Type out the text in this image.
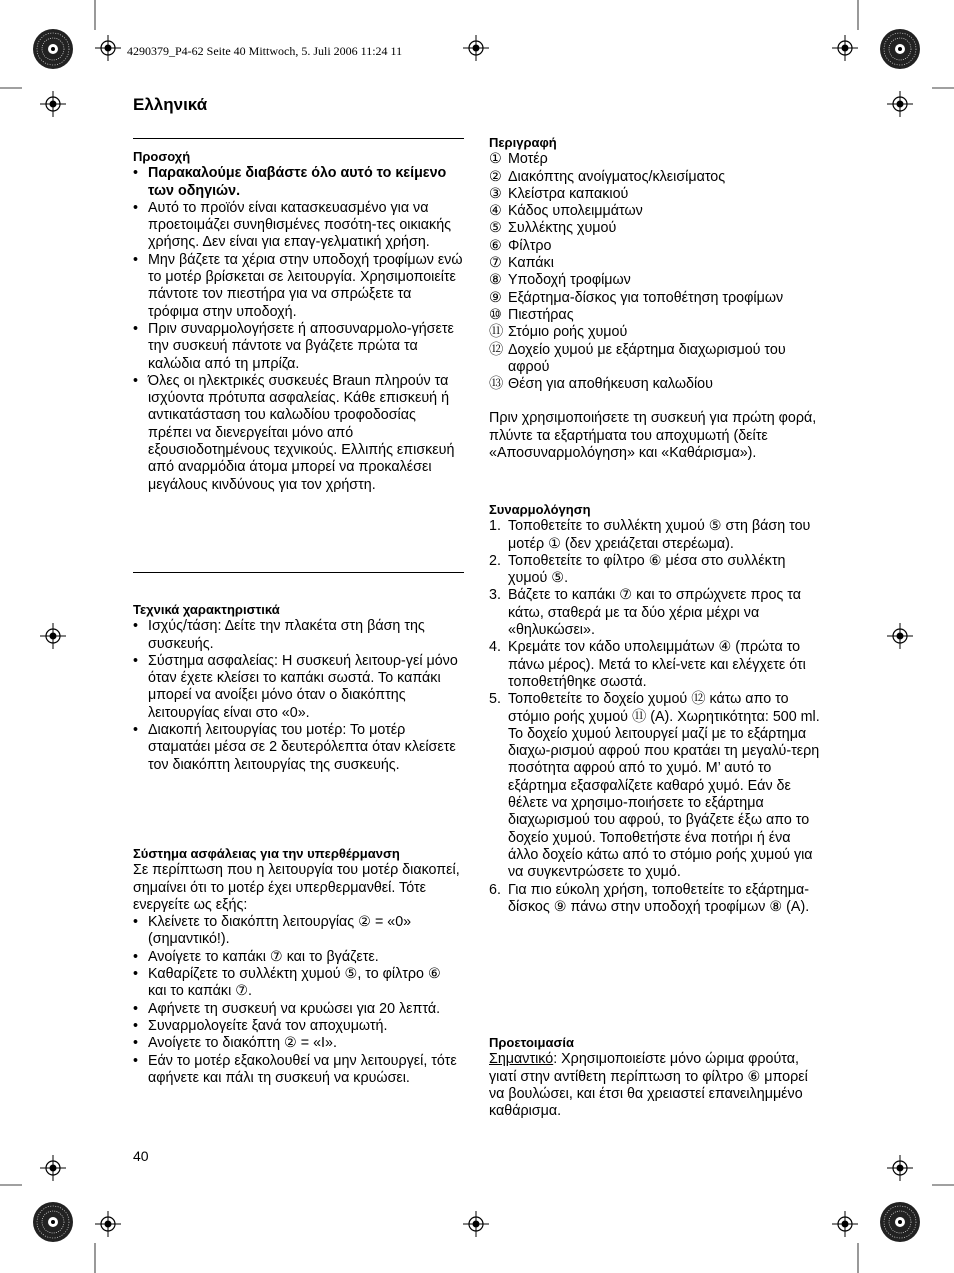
4290379_P4-62 Seite 40 Mittwoch, 5. Juli 2006 11:24 11
Ελληνικά
Προσοχή
• Παρακαλούμε διαβάστε όλο αυτό το κείμενο των οδηγιών.
• Αυτό το προϊόν είναι κατασκευασμένο για να προετοιμάζει συνηθισμένες ποσότη-τες οικιακής χρήσης. Δεν είναι για επαγ-γελματική χρήση.
• Μην βάζετε τα χέρια στην υποδοχή τροφίμων ενώ το μοτέρ βρίσκεται σε λειτουργία. Χρησιμοποιείτε πάντοτε τον πιεστήρα για να σπρώξετε τα τρόφιμα στην υποδοχή.
• Πριν συναρμολογήσετε ή αποσυναρμολο-γήσετε την συσκευή πάντοτε να βγάζετε πρώτα τα καλώδια από τη μπρίζα.
• Όλες οι ηλεκτρικές συσκευές Braun πληρούν τα ισχύοντα πρότυπα ασφαλείας. Κάθε επισκευή ή αντικατάσταση του καλωδίου τροφοδοσίας πρέπει να διενεργείται μόνο από εξουσιοδοτημένους τεχνικούς. Ελλιπής επισκευή από αναρμόδια άτομα μπορεί να προκαλέσει μεγάλους κινδύνους για τον χρήστη.
Τεχνικά χαρακτηριστικά
• Ισχύς/τάση: Δείτε την πλακέτα στη βάση της συσκευής.
• Σύστημα ασφαλείας: Η συσκευή λειτουρ-γεί μόνο όταν έχετε κλείσει το καπάκι σωστά. Το καπάκι μπορεί να ανοίξει μόνο όταν ο διακόπτης λειτουργίας είναι στο «0».
• Διακοπή λειτουργίας του μοτέρ: Το μοτέρ σταματάει μέσα σε 2 δευτερόλεπτα όταν κλείσετε τον διακόπτη λειτουργίας της συσκευής.
Σύστημα ασφάλειας για την υπερθέρμανση

Σε περίπτωση που η λειτουργία του μοτέρ διακοπεί, σημαίνει ότι το μοτέρ έχει υπερθερμανθεί. Τότε ενεργείτε ως εξής:

• Κλείνετε το διακόπτη λειτουργίας ② = «0» (σημαντικό!).
• Ανοίγετε το καπάκι ⑦ και το βγάζετε.
• Καθαρίζετε το συλλέκτη χυμού ⑤, το φίλτρο ⑥ και το καπάκι ⑦.
• Αφήνετε τη συσκευή να κρυώσει για 20 λεπτά.
• Συναρμολογείτε ξανά τον αποχυμωτή.
• Ανοίγετε το διακόπτη ② = «I».
• Εάν το μοτέρ εξακολουθεί να μην λειτουργεί, τότε αφήνετε και πάλι τη συσκευή να κρυώσει.
40
Περιγραφή
① Μοτέρ
② Διακόπτης ανοίγματος/κλεισίματος
③ Κλείστρα καπακιού
④ Κάδος υπολειμμάτων
⑤ Συλλέκτης χυμού
⑥ Φίλτρο
⑦ Καπάκι
⑧ Υποδοχή τροφίμων
⑨ Εξάρτημα-δίσκος για τοποθέτηση τροφίμων
⑩ Πιεστήρας
⑪ Στόμιο ροής χυμού
⑫ Δοχείο χυμού με εξάρτημα διαχωρισμού του αφρού
⑬ Θέση για αποθήκευση καλωδίου

Πριν χρησιμοποιήσετε τη συσκευή για πρώτη φορά, πλύντε τα εξαρτήματα του αποχυμωτή (δείτε «Αποσυναρμολόγηση» και «Καθάρισμα»).

Συναρμολόγηση
1. Τοποθετείτε το συλλέκτη χυμού ⑤ στη βάση του μοτέρ ① (δεν χρειάζεται στερέωμα).
2. Τοποθετείτε το φίλτρο ⑥ μέσα στο συλλέκτη χυμού ⑤.
3. Βάζετε το καπάκι ⑦ και το σπρώχνετε προς τα κάτω, σταθερά με τα δύο χέρια μέχρι να «θηλυκώσει».
4. Κρεμάτε τον κάδο υπολειμμάτων ④ (πρώτα το πάνω μέρος). Μετά το κλεί-νετε και ελέγχετε ότι τοποθετήθηκε σωστά.
5. Τοποθετείτε το δοχείο χυμού ⑫ κάτω απο το στόμιο ροής χυμού ⑪ (A). Χωρητικότητα: 500 ml. Το δοχείο χυμού λειτουργεί μαζί με το εξάρτημα διαχω-ρισμού αφρού που κρατάει τη μεγαλύ-τερη ποσότητα αφρού από το χυμό. Μ’ αυτό το εξάρτημα εξασφαλίζετε καθαρό χυμό. Εάν δε θέλετε να χρησιμο-ποιήσετε το εξάρτημα διαχωρισμού του αφρού, το βγάζετε έξω απο το δοχείο χυμού. Τοποθετήστε ένα ποτήρι ή ένα άλλο δοχείο κάτω από το στόμιο ροής χυμού για να συγκεντρώσετε το χυμό.
6. Για πιο εύκολη χρήση, τοποθετείτε το εξάρτημα-δίσκος ⑨ πάνω στην υποδοχή τροφίμων ⑧ (A).
Προετοιμασία

Σημαντικό: Χρησιμοποιείστε μόνο ώριμα φρούτα, γιατί στην αντίθετη περίπτωση το φίλτρο ⑥ μπορεί να βουλώσει, και έτσι θα χρειαστεί επανειλημμένο καθάρισμα.
